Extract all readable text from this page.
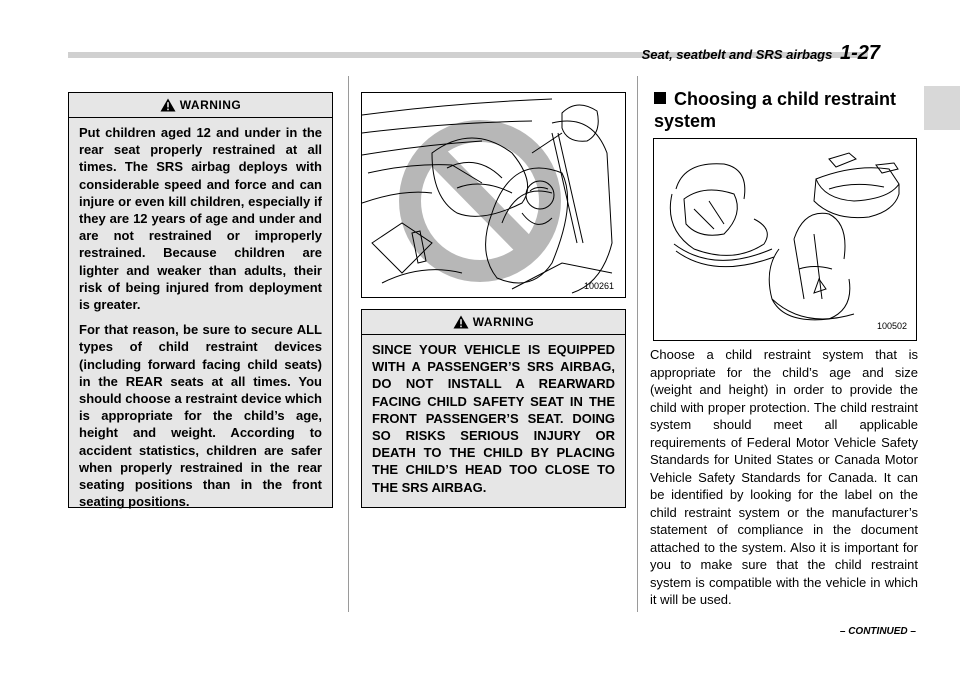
Seat, seatbelt and SRS airbags 1-27
WARNING

Put children aged 12 and under in the rear seat properly restrained at all times. The SRS airbag deploys with considerable speed and force and can injure or even kill children, especially if they are 12 years of age and under and are not restrained or improperly restrained. Because children are lighter and weaker than adults, their risk of being injured from deployment is greater.

For that reason, be sure to secure ALL types of child restraint devices (including forward facing child seats) in the REAR seats at all times. You should choose a restraint device which is appropriate for the child’s age, height and weight. According to accident statistics, children are safer when properly restrained in the rear seating positions than in the front seating positions.

100261
WARNING

SINCE YOUR VEHICLE IS EQUIPPED WITH A PASSENGER’S SRS AIRBAG, DO NOT INSTALL A REARWARD FACING CHILD SAFETY SEAT IN THE FRONT PASSENGER’S SEAT. DOING SO RISKS SERIOUS INJURY OR DEATH TO THE CHILD BY PLACING THE CHILD’S HEAD TOO CLOSE TO THE SRS AIRBAG.

Choosing a child restraint system
100502
Choose a child restraint system that is appropriate for the child’s age and size (weight and height) in order to provide the child with proper protection. The child restraint system should meet all applicable requirements of Federal Motor Vehicle Safety Standards for United States or Canada Motor Vehicle Safety Standards for Canada. It can be identified by looking for the label on the child restraint system or the manufacturer’s statement of compliance in the document attached to the system. Also it is important for you to make sure that the child restraint system is compatible with the vehicle in which it will be used.
– CONTINUED –
